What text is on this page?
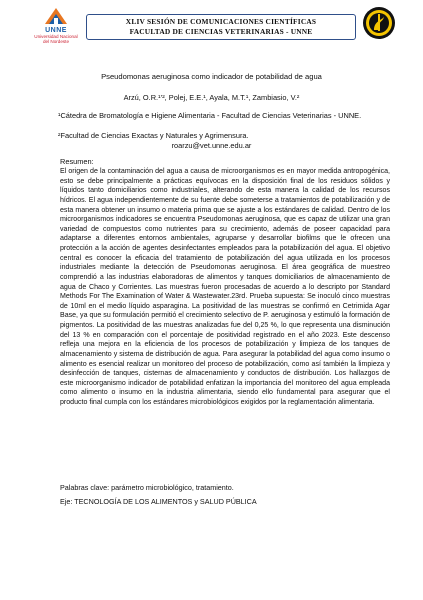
UNNE
Universidad Nacional
del Nordeste
XLIV SESIÓN DE COMUNICACIONES CIENTÍFICAS
FACULTAD DE CIENCIAS VETERINARIAS - UNNE
Pseudomonas aeruginosa como indicador de potabilidad de agua
Arzú, O.R.¹’², Polej, E.E.¹, Ayala, M.T.¹, Zambiasio, V.²
¹Cátedra de Bromatología e Higiene Alimentaria - Facultad de Ciencias Veterinarias - UNNE.
²Facultad de Ciencias Exactas y Naturales y Agrimensura.
roarzu@vet.unne.edu.ar
Resumen:
El origen de la contaminación del agua a causa de microorganismos es en mayor medida antropogénica, esto se debe principalmente a prácticas equívocas en la disposición final de los residuos sólidos y líquidos tanto domiciliarios como industriales, alterando de esta manera la calidad de los recursos hídricos. El agua independientemente de su fuente debe someterse a tratamientos de potabilización y de esta manera obtener un insumo o materia prima que se ajuste a los estándares de calidad. Dentro de los microorganismos indicadores se encuentra Pseudomonas aeruginosa, que es capaz de utilizar una gran variedad de compuestos como nutrientes para su crecimiento, además de poseer capacidad para adaptarse a diferentes entornos ambientales, agruparse y desarrollar biofilms que le ofrecen una protección a la acción de agentes desinfectantes empleados para la potabilización del agua. El objetivo central es conocer la eficacia del tratamiento de potabilización del agua utilizada en los procesos industriales mediante la detección de Pseudomonas aeruginosa. El área geográfica de muestreo comprendió a las industrias elaboradoras de alimentos y tanques domiciliarios de almacenamiento de agua de Chaco y Corrientes. Las muestras fueron procesadas de acuerdo a lo descripto por Standard Methods For The Examination of Water & Wastewater.23rd. Prueba supuesta: Se inoculó cinco muestras de 10ml en el medio líquido asparagina. La positividad de las muestras se confirmó en Cetrimida Agar Base, ya que su formulación permitió el crecimiento selectivo de P. aeruginosa y estimuló la formación de pigmentos. La positividad de las muestras analizadas fue del 0,25 %, lo que representa una disminución del 13 % en comparación con el porcentaje de positividad registrado en el año 2023. Este descenso refleja una mejora en la eficiencia de los procesos de potabilización y limpieza de los tanques de almacenamiento y sistema de distribución de agua. Para asegurar la potabilidad del agua como insumo o alimento es esencial realizar un monitoreo del proceso de potabilización, como así también la limpieza y desinfección de tanques, cisternas de almacenamiento y conductos de distribución. Los hallazgos de este microorganismo indicador de potabilidad enfatizan la importancia del monitoreo del agua empleada como alimento o insumo en la industria alimentaria, siendo ello fundamental para asegurar que el producto final cumpla con los estándares microbiológicos exigidos por la reglamentación alimentaria.
Palabras clave: parámetro microbiológico, tratamiento.
Eje: TECNOLOGÍA DE LOS ALIMENTOS y SALUD PÚBLICA
